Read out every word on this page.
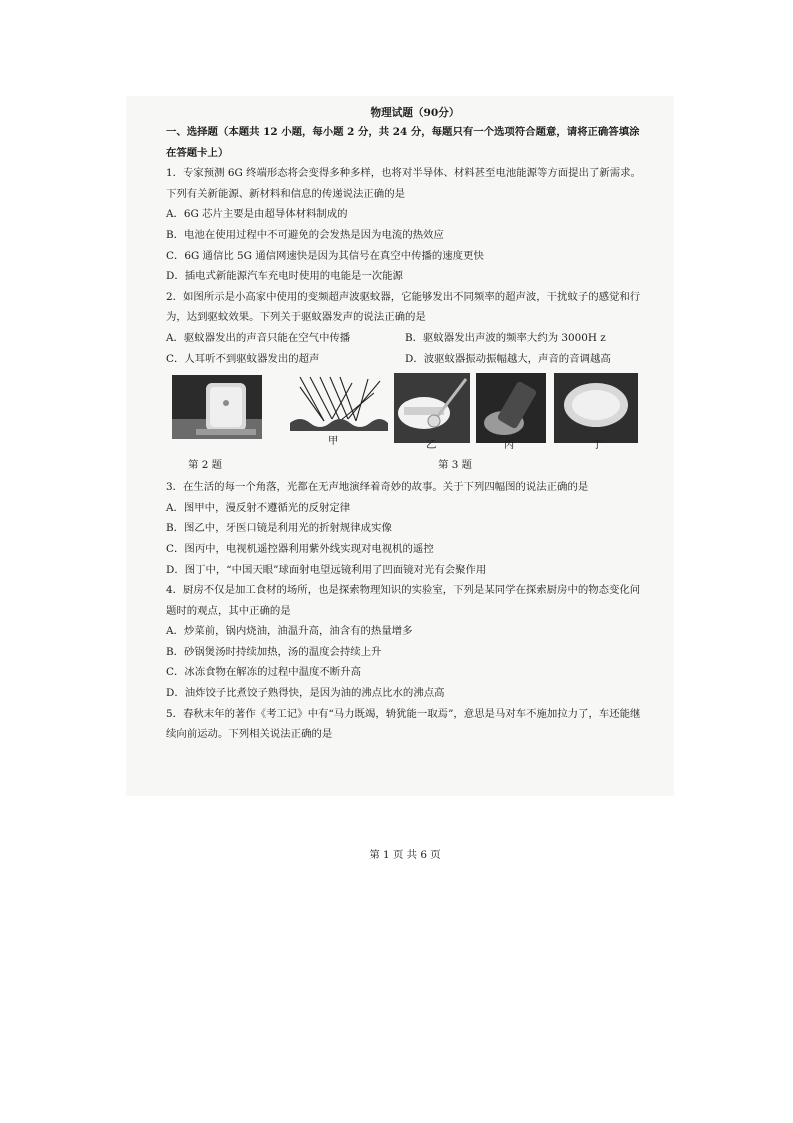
物理试题（90分）

一、选择题（本题共 12 小题，每小题 2 分，共 24 分，每题只有一个选项符合题意，请将正确答填涂在答题卡上）

1．专家预测 6G 终端形态将会变得多种多样，也将对半导体、材料甚至电池能源等方面提出了新需求。下列有关新能源、新材料和信息的传递说法正确的是

A．6G 芯片主要是由超导体材料制成的

B．电池在使用过程中不可避免的会发热是因为电流的热效应

C．6G 通信比 5G 通信网速快是因为其信号在真空中传播的速度更快

D．插电式新能源汽车充电时使用的电能是一次能源

2．如图所示是小高家中使用的变频超声波驱蚊器，它能够发出不同频率的超声波，干扰蚊子的感觉和行为，达到驱蚊效果。下列关于驱蚊器发声的说法正确的是

A．驱蚊器发出的声音只能在空气中传播	B．驱蚊器发出声波的频率大约为 3000H z
C．人耳听不到驱蚊器发出的超声	D．波驱蚊器振动振幅越大，声音的音调越高
甲	乙	丙	丁
第 2 题	第 3 题

3．在生活的每一个角落，光都在无声地演绎着奇妙的故事。关于下列四幅图的说法正确的是

A．图甲中，漫反射不遵循光的反射定律

B．图乙中，牙医口镜是利用光的折射规律成实像

C．图丙中，电视机遥控器利用紫外线实现对电视机的遥控

D．图丁中，“中国天眼”球面射电望远镜利用了凹面镜对光有会聚作用

4．厨房不仅是加工食材的场所，也是探索物理知识的实验室，下列是某同学在探索厨房中的物态变化问题时的观点，其中正确的是

A．炒菜前，锅内烧油，油温升高，油含有的热量增多

B．砂锅煲汤时持续加热，汤的温度会持续上升

C．冰冻食物在解冻的过程中温度不断升高

D．油炸饺子比煮饺子熟得快，是因为油的沸点比水的沸点高

5．春秋末年的著作《考工记》中有“马力既竭，辀犹能一取焉”，意思是马对车不施加拉力了，车还能继续向前运动。下列相关说法正确的是

第 1 页 共 6 页
